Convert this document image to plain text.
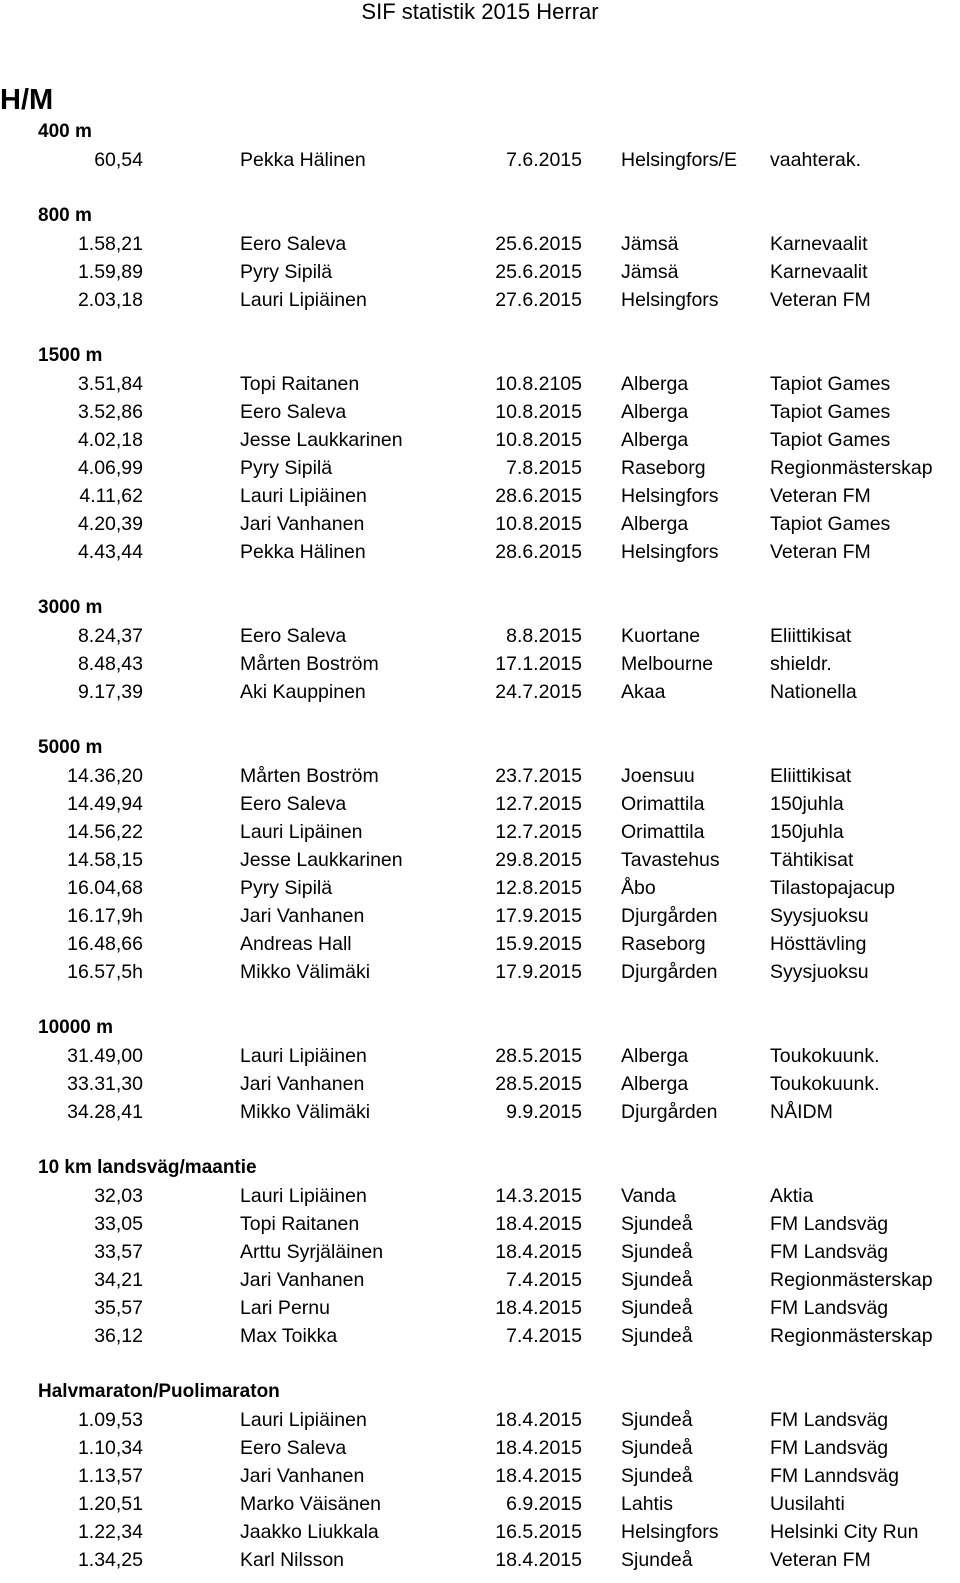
SIF statistik 2015 Herrar
H/M
400 m
60,54	Pekka Hälinen	7.6.2015 Helsingfors/E vaahterak.
800 m
1.58,21	Eero Saleva	25.6.2015 Jämsä	Karnevaalit
1.59,89	Pyry Sipilä	25.6.2015 Jämsä	Karnevaalit
2.03,18	Lauri Lipiäinen	27.6.2015 Helsingfors	Veteran FM
1500 m
3.51,84	Topi Raitanen	10.8.2105 Alberga	Tapiot Games
3.52,86	Eero Saleva	10.8.2015 Alberga	Tapiot Games
4.02,18	Jesse Laukkarinen	10.8.2015 Alberga	Tapiot Games
4.06,99	Pyry Sipilä	7.8.2015 Raseborg	Regionmästerskap
4.11,62	Lauri Lipiäinen	28.6.2015 Helsingfors	Veteran FM
4.20,39	Jari Vanhanen	10.8.2015 Alberga	Tapiot Games
4.43,44	Pekka Hälinen	28.6.2015 Helsingfors	Veteran FM
3000 m
8.24,37	Eero Saleva	8.8.2015 Kuortane	Eliittikisat
8.48,43	Mårten Boström	17.1.2015 Melbourne	shieldr.
9.17,39	Aki Kauppinen	24.7.2015 Akaa	Nationella
5000 m
14.36,20	Mårten Boström	23.7.2015 Joensuu	Eliittikisat
14.49,94	Eero Saleva	12.7.2015 Orimattila	150juhla
14.56,22	Lauri Lipäinen	12.7.2015 Orimattila	150juhla
14.58,15	Jesse Laukkarinen	29.8.2015 Tavastehus	Tähtikisat
16.04,68	Pyry Sipilä	12.8.2015 Åbo	Tilastopajacup
16.17,9h	Jari Vanhanen	17.9.2015 Djurgården	Syysjuoksu
16.48,66	Andreas Hall	15.9.2015 Raseborg	Hösttävling
16.57,5h	Mikko Välimäki	17.9.2015 Djurgården	Syysjuoksu
10000 m
31.49,00	Lauri Lipiäinen	28.5.2015 Alberga	Toukokuunk.
33.31,30	Jari Vanhanen	28.5.2015 Alberga	Toukokuunk.
34.28,41	Mikko Välimäki	9.9.2015 Djurgården	NÅIDM
10 km landsväg/maantie
32,03	Lauri Lipiäinen	14.3.2015 Vanda	Aktia
33,05	Topi Raitanen	18.4.2015 Sjundeå	FM Landsväg
33,57	Arttu Syrjäläinen	18.4.2015 Sjundeå	FM Landsväg
34,21	Jari Vanhanen	7.4.2015 Sjundeå	Regionmästerskap
35,57	Lari Pernu	18.4.2015 Sjundeå	FM Landsväg
36,12	Max Toikka	7.4.2015 Sjundeå	Regionmästerskap
Halvmaraton/Puolimaraton
1.09,53	Lauri Lipiäinen	18.4.2015 Sjundeå	FM Landsväg
1.10,34	Eero Saleva	18.4.2015 Sjundeå	FM Landsväg
1.13,57	Jari Vanhanen	18.4.2015 Sjundeå	FM Lanndsväg
1.20,51	Marko Väisänen	6.9.2015 Lahtis	Uusilahti
1.22,34	Jaakko Liukkala	16.5.2015 Helsingfors	Helsinki City Run
1.34,25	Karl Nilsson	18.4.2015 Sjundeå	Veteran FM
